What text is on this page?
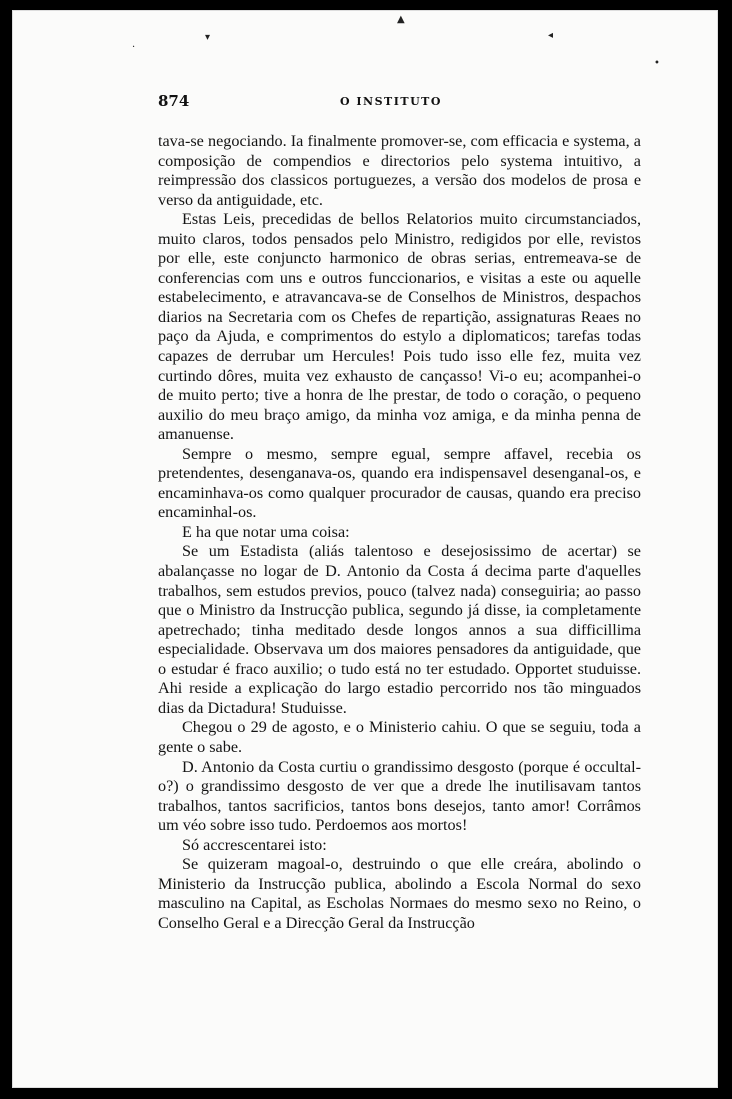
▲
▾	◂
•
·
874	O INSTITUTO

tava-se negociando. Ia finalmente promover-se, com efficacia e systema, a composição de compendios e directorios pelo systema intuitivo, a reimpressão dos classicos portuguezes, a versão dos modelos de prosa e verso da antiguidade, etc.

Estas Leis, precedidas de bellos Relatorios muito circumstanciados, muito claros, todos pensados pelo Ministro, redigidos por elle, revistos por elle, este conjuncto harmonico de obras serias, entremeava-se de conferencias com uns e outros funccionarios, e visitas a este ou aquelle estabelecimento, e atravancava-se de Conselhos de Ministros, despachos diarios na Secretaria com os Chefes de repartição, assignaturas Reaes no paço da Ajuda, e comprimentos do estylo a diplomaticos; tarefas todas capazes de derrubar um Hercules! Pois tudo isso elle fez, muita vez curtindo dôres, muita vez exhausto de cançasso! Vi-o eu; acompanhei-o de muito perto; tive a honra de lhe prestar, de todo o coração, o pequeno auxilio do meu braço amigo, da minha voz amiga, e da minha penna de amanuense.

Sempre o mesmo, sempre egual, sempre affavel, recebia os pretendentes, desenganava-os, quando era indispensavel desenganal-os, e encaminhava-os como qualquer procurador de causas, quando era preciso encaminhal-os.

E ha que notar uma coisa:

Se um Estadista (aliás talentoso e desejosissimo de acertar) se abalançasse no logar de D. Antonio da Costa á decima parte d'aquelles trabalhos, sem estudos previos, pouco (talvez nada) conseguiria; ao passo que o Ministro da Instrucção publica, segundo já disse, ia completamente apetrechado; tinha meditado desde longos annos a sua difficillima especialidade. Observava um dos maiores pensadores da antiguidade, que o estudar é fraco auxilio; o tudo está no ter estudado. Opportet studuisse. Ahi reside a explicação do largo estadio percorrido nos tão minguados dias da Dictadura! Studuisse.

Chegou o 29 de agosto, e o Ministerio cahiu. O que se seguiu, toda a gente o sabe.

D. Antonio da Costa curtiu o grandissimo desgosto (porque é occultal-o?) o grandissimo desgosto de ver que a drede lhe inutilisavam tantos trabalhos, tantos sacrificios, tantos bons desejos, tanto amor! Corrâmos um véo sobre isso tudo. Perdoemos aos mortos!

Só accrescentarei isto:

Se quizeram magoal-o, destruindo o que elle creára, abolindo o Ministerio da Instrucção publica, abolindo a Escola Normal do sexo masculino na Capital, as Escholas Normaes do mesmo sexo no Reino, o Conselho Geral e a Direcção Geral da Instrucção
